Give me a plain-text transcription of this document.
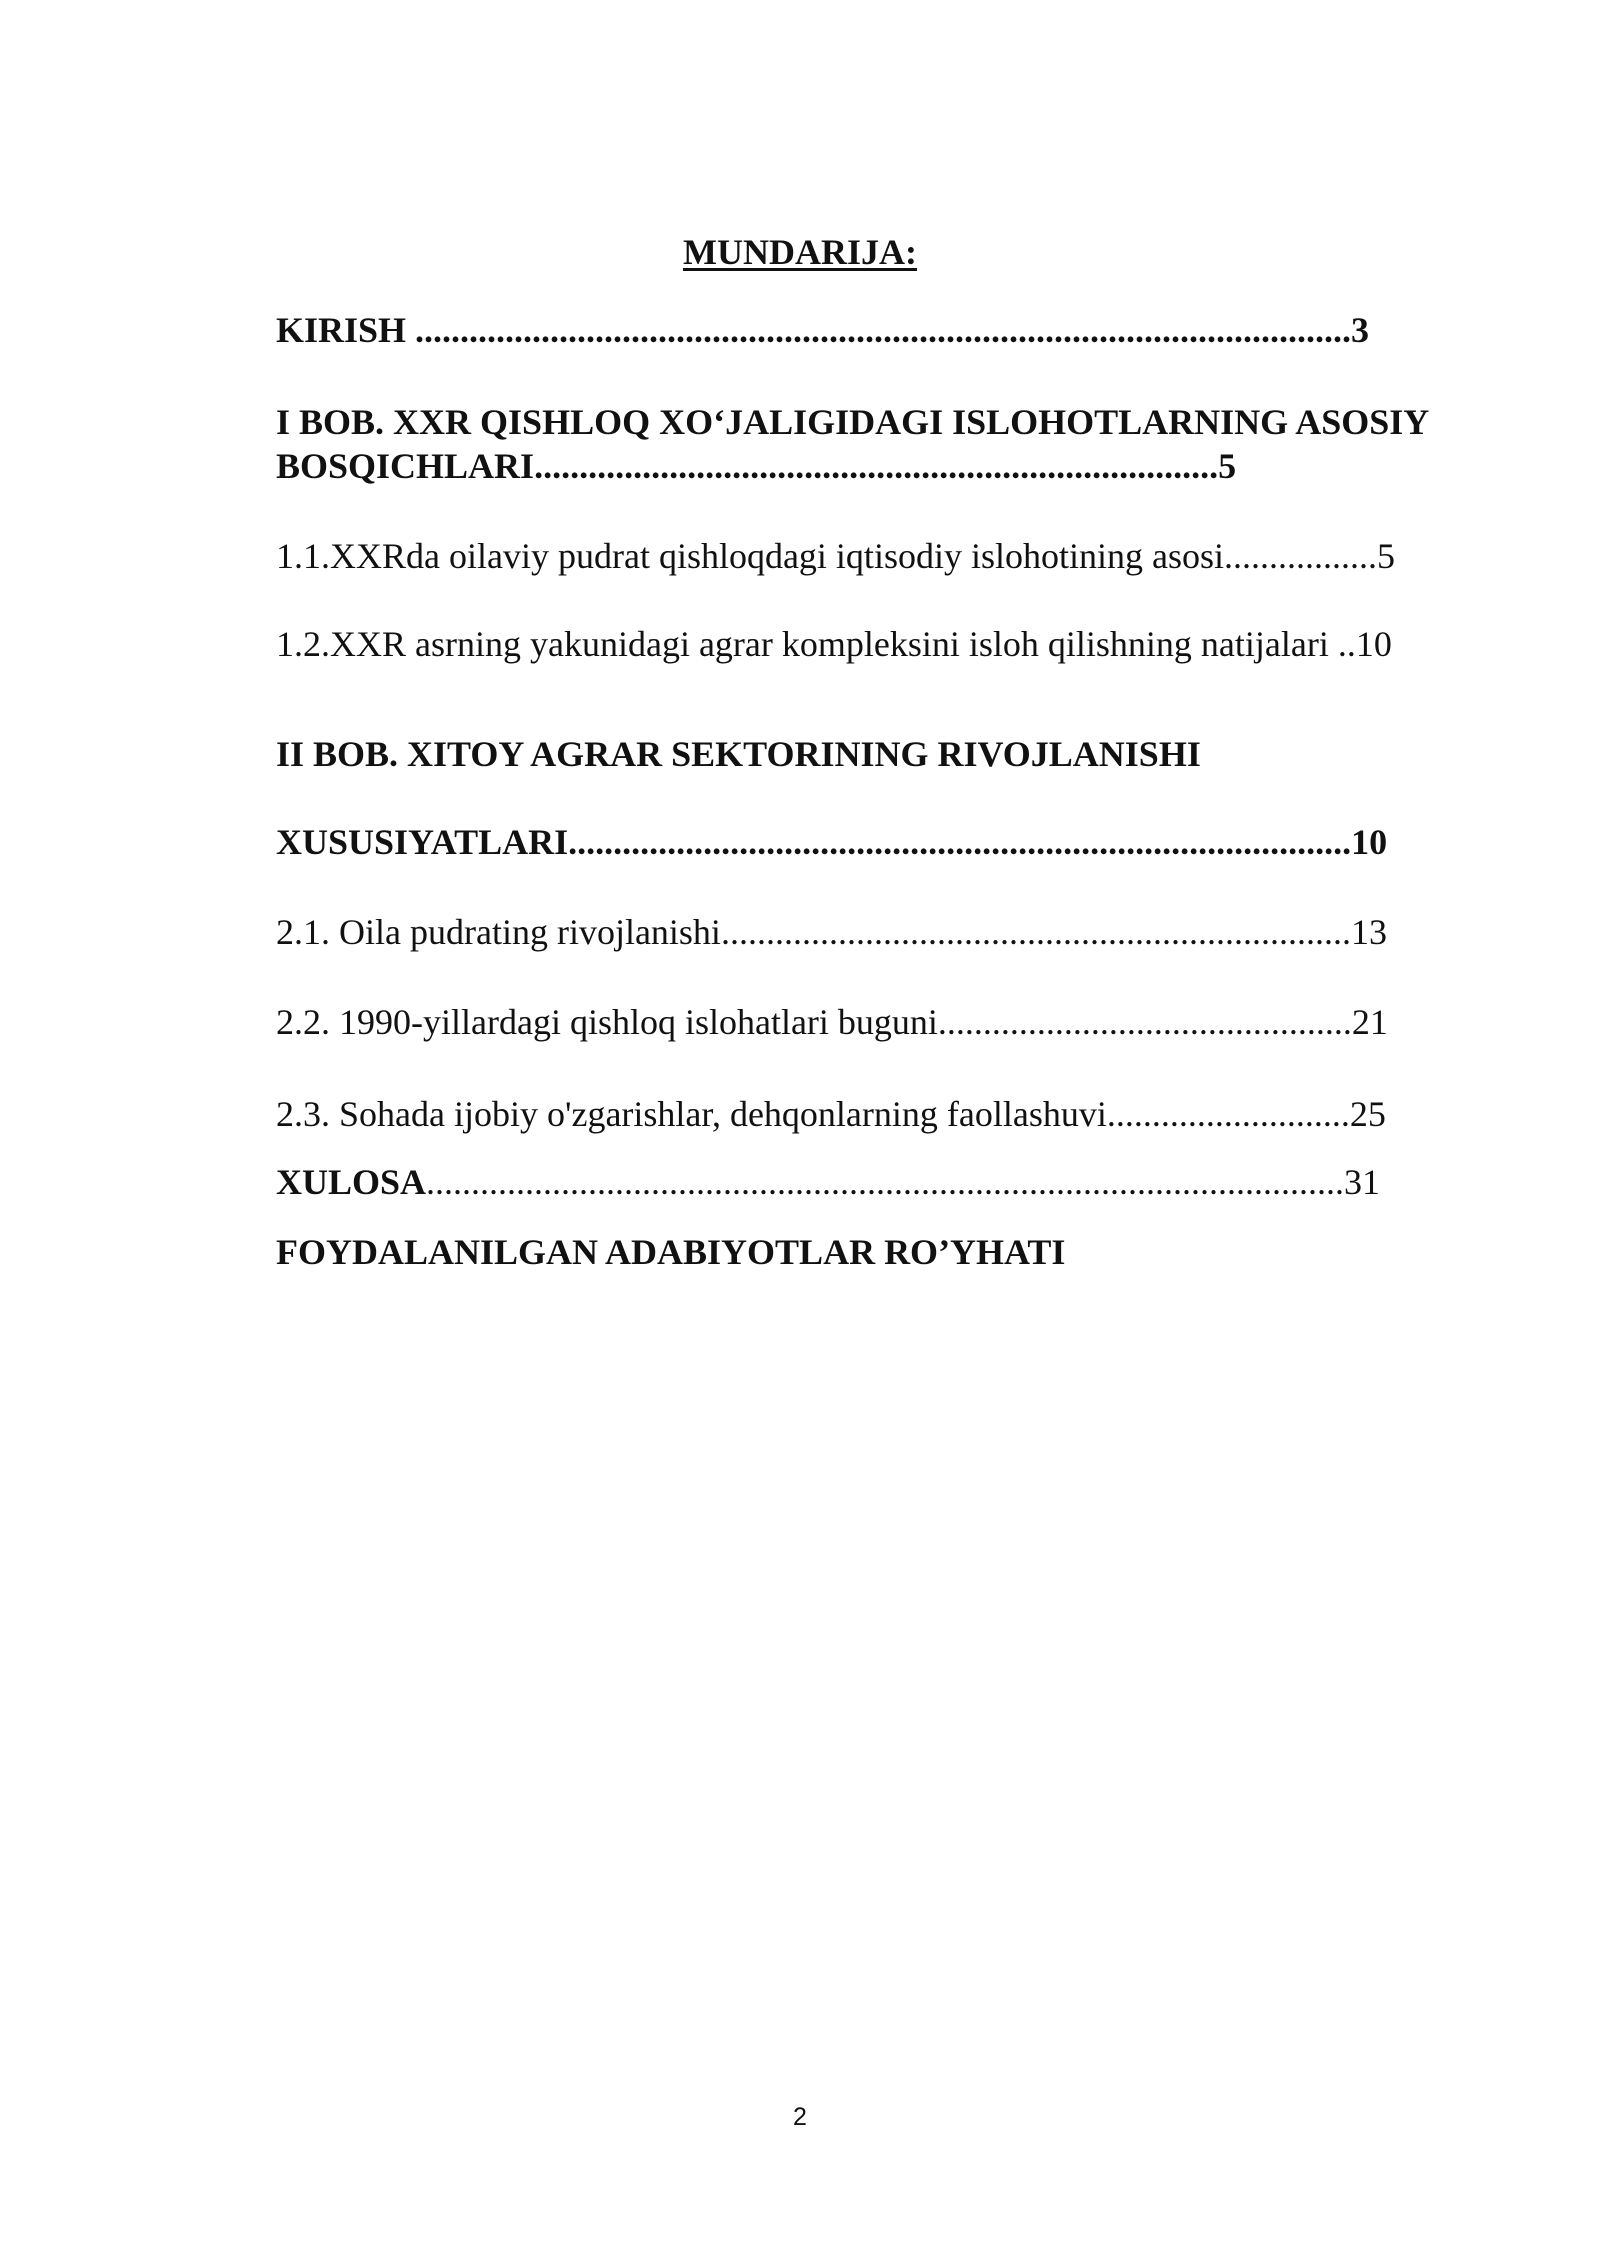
MUNDARIJA:
KIRISH ........................................................................................................3
I BOB. XXR QISHLOQ XO‘JALIGIDAGI ISLOHOTLARNING ASOSIY
BOSQICHLARI............................................................................5
1.1.XXRda oilaviy pudrat qishloqdagi iqtisodiy islohotining asosi.................5
1.2.XXR asrning yakunidagi agrar kompleksini isloh qilishning natijalari ..10
II BOB. XITOY AGRAR SEKTORINING RIVOJLANISHI
XUSUSIYATLARI.......................................................................................10
2.1. Oila pudrating rivojlanishi......................................................................13
2.2. 1990-yillardagi qishloq islohatlari buguni..............................................21
2.3. Sohada ijobiy o'zgarishlar, dehqonlarning faollashuvi...........................25
XULOSA......................................................................................................31
FOYDALANILGAN ADABIYOTLAR RO’YHATI
2
